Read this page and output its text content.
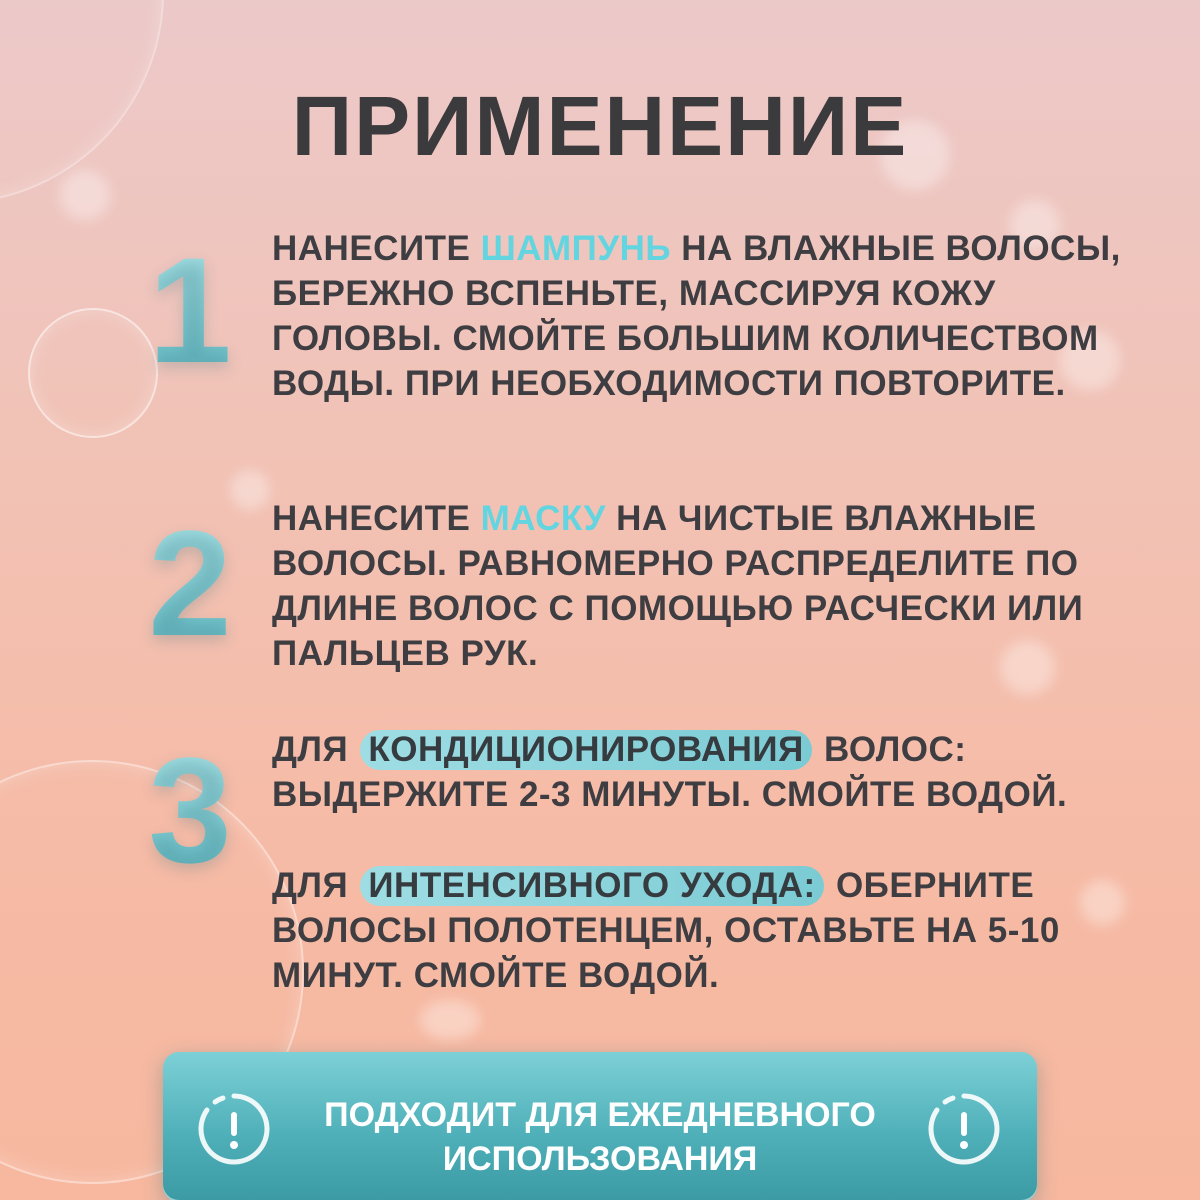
ПРИМЕНЕНИЕ
1	НАНЕСИТЕ ШАМПУНЬ НА ВЛАЖНЫЕ ВОЛОСЫ, БЕРЕЖНО ВСПЕНЬТЕ, МАССИРУЯ КОЖУ ГОЛОВЫ. СМОЙТЕ БОЛЬШИМ КОЛИЧЕСТВОМ ВОДЫ. ПРИ НЕОБХОДИМОСТИ ПОВТОРИТЕ.
2	НАНЕСИТЕ МАСКУ НА ЧИСТЫЕ ВЛАЖНЫЕ ВОЛОСЫ. РАВНОМЕРНО РАСПРЕДЕЛИТЕ ПО ДЛИНЕ ВОЛОС С ПОМОЩЬЮ РАСЧЕСКИ ИЛИ ПАЛЬЦЕВ РУК.
3	ДЛЯ КОНДИЦИОНИРОВАНИЯ ВОЛОС: ВЫДЕРЖИТЕ 2-3 МИНУТЫ. СМОЙТЕ ВОДОЙ.
ДЛЯ ИНТЕНСИВНОГО УХОДА: ОБЕРНИТЕ ВОЛОСЫ ПОЛОТЕНЦЕМ, ОСТАВЬТЕ НА 5-10 МИНУТ. СМОЙТЕ ВОДОЙ.
ПОДХОДИТ ДЛЯ ЕЖЕДНЕВНОГО
ИСПОЛЬЗОВАНИЯ
